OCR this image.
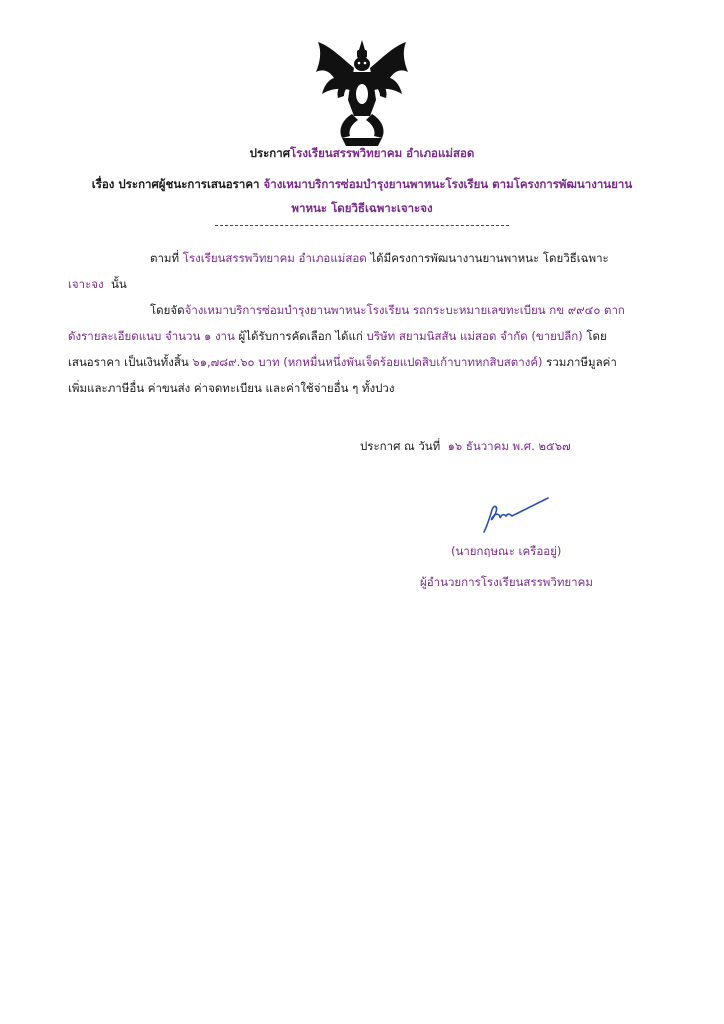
ประกาศโรงเรียนสรรพวิทยาคม อำเภอแม่สอด
เรื่อง ประกาศผู้ชนะการเสนอราคา จ้างเหมาบริการซ่อมบำรุงยานพาหนะโรงเรียน ตามโครงการพัฒนางานยาน
พาหนะ โดยวิธีเฉพาะเจาะจง
ตามที่ โรงเรียนสรรพวิทยาคม อำเภอแม่สอด ได้มีครงการพัฒนางานยานพาหนะ โดยวิธีเฉพาะ
เจาะจง นั้น
โดยจัดจ้างเหมาบริการซ่อมบำรุงยานพาหนะโรงเรียน รถกระบะหมายเลขทะเบียน กข ๙๙๔๐ ตาก
ดังรายละเอียดแนบ จำนวน ๑ งาน ผู้ได้รับการคัดเลือก ได้แก่ บริษัท สยามนิสสัน แม่สอด จำกัด (ขายปลีก) โดย
เสนอราคา เป็นเงินทั้งสิ้น ๖๑,๗๘๙.๖๐ บาท (หกหมื่นหนึ่งพันเจ็ดร้อยแปดสิบเก้าบาทหกสิบสตางค์) รวมภาษีมูลค่า
เพิ่มและภาษีอื่น ค่าขนส่ง ค่าจดทะเบียน และค่าใช้จ่ายอื่น ๆ ทั้งปวง
ประกาศ ณ วันที่ ๑๖ ธันวาคม พ.ศ. ๒๕๖๗
(นายกฤษณะ เครืออยู่)
ผู้อำนวยการโรงเรียนสรรพวิทยาคม
